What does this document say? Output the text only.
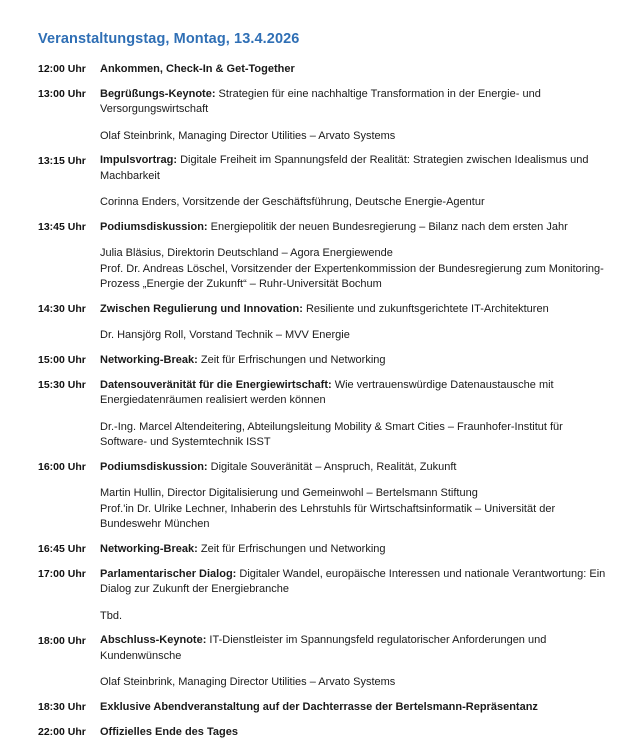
Veranstaltungstag, Montag, 13.4.2026
12:00 Uhr	Ankommen, Check-In & Get-Together

13:00 Uhr	Begrüßungs-Keynote: Strategien für eine nachhaltige Transformation in der Energie- und Versorgungswirtschaft

Olaf Steinbrink, Managing Director Utilities – Arvato Systems
13:15 Uhr	Impulsvortrag: Digitale Freiheit im Spannungsfeld der Realität: Strategien zwischen Idealismus und Machbarkeit

Corinna Enders, Vorsitzende der Geschäftsführung, Deutsche Energie-Agentur
13:45 Uhr	Podiumsdiskussion: Energiepolitik der neuen Bundesregierung – Bilanz nach dem ersten Jahr

Julia Bläsius, Direktorin Deutschland – Agora Energiewende
Prof. Dr. Andreas Löschel, Vorsitzender der Expertenkommission der Bundesregierung zum Monitoring-Prozess „Energie der Zukunft“ – Ruhr-Universität Bochum
14:30 Uhr	Zwischen Regulierung und Innovation: Resiliente und zukunftsgerichtete IT-Architekturen

Dr. Hansjörg Roll, Vorstand Technik – MVV Energie
15:00 Uhr	Networking-Break: Zeit für Erfrischungen und Networking

15:30 Uhr	Datensouveränität für die Energiewirtschaft: Wie vertrauenswürdige Datenaustausche mit Energiedatenräumen realisiert werden können

Dr.-Ing. Marcel Altendeitering, Abteilungsleitung Mobility & Smart Cities – Fraunhofer-Institut für Software- und Systemtechnik ISST
16:00 Uhr	Podiumsdiskussion: Digitale Souveränität – Anspruch, Realität, Zukunft

Martin Hullin, Director Digitalisierung und Gemeinwohl – Bertelsmann Stiftung
Prof.'in Dr. Ulrike Lechner, Inhaberin des Lehrstuhls für Wirtschaftsinformatik – Universität der Bundeswehr München
16:45 Uhr	Networking-Break: Zeit für Erfrischungen und Networking

17:00 Uhr	Parlamentarischer Dialog: Digitaler Wandel, europäische Interessen und nationale Verantwortung: Ein Dialog zur Zukunft der Energiebranche

Tbd.
18:00 Uhr	Abschluss-Keynote: IT-Dienstleister im Spannungsfeld regulatorischer Anforderungen und Kundenwünsche

Olaf Steinbrink, Managing Director Utilities – Arvato Systems
18:30 Uhr	Exklusive Abendveranstaltung auf der Dachterrasse der Bertelsmann-Repräsentanz

22:00 Uhr	Offizielles Ende des Tages
